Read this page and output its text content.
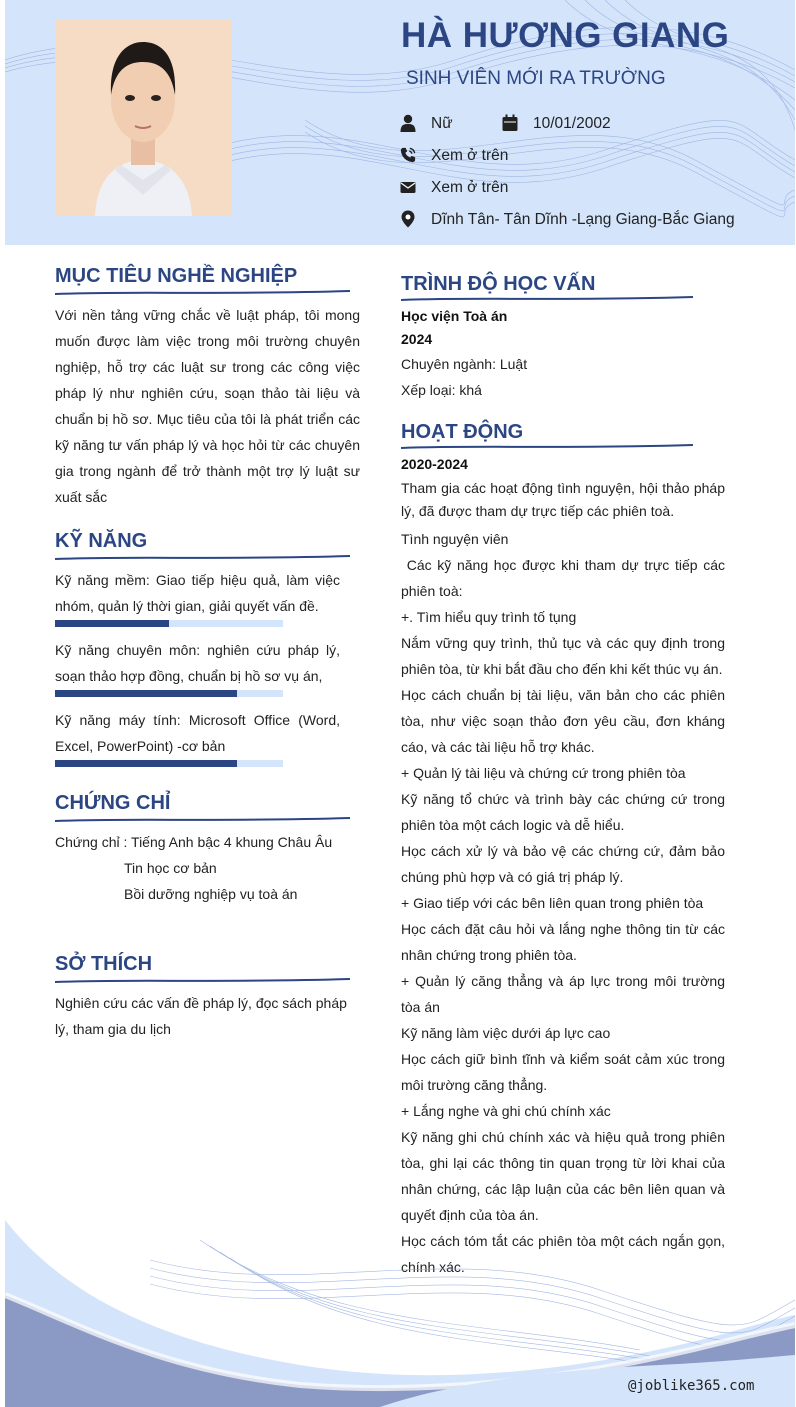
HÀ HƯƠNG GIANG
SINH VIÊN MỚI RA TRƯỜNG
Nữ	10/01/2002
Xem ở trên
Xem ở trên
Dĩnh Tân- Tân Dĩnh -Lạng Giang-Bắc Giang
MỤC TIÊU NGHỀ NGHIỆP

Với nền tảng vững chắc về luật pháp, tôi mong muốn được làm việc trong môi trường chuyên nghiệp, hỗ trợ các luật sư trong các công việc pháp lý như nghiên cứu, soạn thảo tài liệu và chuẩn bị hồ sơ. Mục tiêu của tôi là phát triển các kỹ năng tư vấn pháp lý và học hỏi từ các chuyên gia trong ngành để trở thành một trợ lý luật sư xuất sắc

KỸ NĂNG

Kỹ năng mềm: Giao tiếp hiệu quả, làm việc nhóm, quản lý thời gian, giải quyết vấn đề.

Kỹ năng chuyên môn: nghiên cứu pháp lý, soạn thảo hợp đồng, chuẩn bị hồ sơ vụ án,

Kỹ năng máy tính: Microsoft Office (Word, Excel, PowerPoint) -cơ bản

CHỨNG CHỈ
Chứng chỉ : Tiếng Anh bậc 4 khung Châu Âu
Tin học cơ bản
Bồi dưỡng nghiệp vụ toà án
SỞ THÍCH

Nghiên cứu các vấn đề pháp lý, đọc sách pháp lý, tham gia du lịch

TRÌNH ĐỘ HỌC VẤN
Học viện Toà án
2024
Chuyên ngành: Luật
Xếp loại: khá
HOẠT ĐỘNG
2020-2024

Tham gia các hoạt động tình nguyện, hội thảo pháp lý, đã được tham dự trực tiếp các phiên toà.

Tình nguyện viên

Các kỹ năng học được khi tham dự trực tiếp các phiên toà:

+. Tìm hiểu quy trình tố tụng

Nắm vững quy trình, thủ tục và các quy định trong phiên tòa, từ khi bắt đầu cho đến khi kết thúc vụ án.

Học cách chuẩn bị tài liệu, văn bản cho các phiên tòa, như việc soạn thảo đơn yêu cầu, đơn kháng cáo, và các tài liệu hỗ trợ khác.

+ Quản lý tài liệu và chứng cứ trong phiên tòa

Kỹ năng tổ chức và trình bày các chứng cứ trong phiên tòa một cách logic và dễ hiểu.

Học cách xử lý và bảo vệ các chứng cứ, đảm bảo chúng phù hợp và có giá trị pháp lý.

+ Giao tiếp với các bên liên quan trong phiên tòa

Học cách đặt câu hỏi và lắng nghe thông tin từ các nhân chứng trong phiên tòa.

+ Quản lý căng thẳng và áp lực trong môi trường tòa án

Kỹ năng làm việc dưới áp lực cao

Học cách giữ bình tĩnh và kiểm soát cảm xúc trong môi trường căng thẳng.

+ Lắng nghe và ghi chú chính xác

Kỹ năng ghi chú chính xác và hiệu quả trong phiên tòa, ghi lại các thông tin quan trọng từ lời khai của nhân chứng, các lập luận của các bên liên quan và quyết định của tòa án.

Học cách tóm tắt các phiên tòa một cách ngắn gọn, chính xác.

@joblike365.com
